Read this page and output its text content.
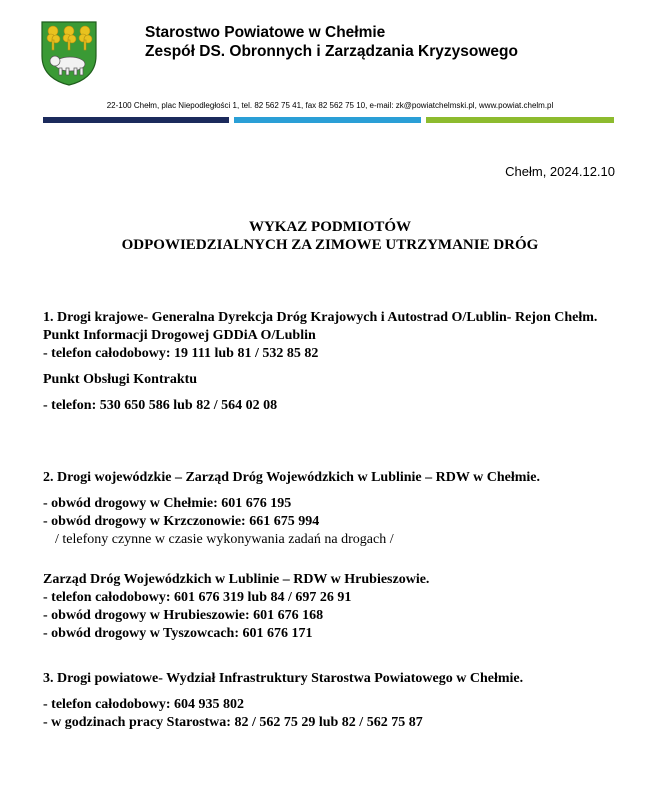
Starostwo Powiatowe w Chełmie
Zespół DS. Obronnych i Zarządzania Kryzysowego
22-100 Chełm, plac Niepodległości 1, tel. 82 562 75 41, fax 82 562 75 10, e-mail: zk@powiatchelmski.pl, www.powiat.chelm.pl
Chełm, 2024.12.10
WYKAZ PODMIOTÓW
ODPOWIEDZIALNYCH ZA ZIMOWE UTRZYMANIE DRÓG
1. Drogi krajowe- Generalna Dyrekcja Dróg Krajowych i Autostrad O/Lublin- Rejon Chełm.
Punkt Informacji Drogowej GDDiA O/Lublin
- telefon całodobowy: 19 111 lub 81 / 532 85 82
Punkt Obsługi Kontraktu
- telefon: 530 650 586 lub 82 / 564 02 08
2. Drogi wojewódzkie – Zarząd Dróg Wojewódzkich w Lublinie – RDW w Chełmie.
- obwód drogowy w Chełmie: 601 676 195
- obwód drogowy w Krzczonowie: 661 675 994
/ telefony czynne w czasie wykonywania zadań na drogach /
Zarząd Dróg Wojewódzkich w Lublinie – RDW w Hrubieszowie.
- telefon całodobowy: 601 676 319 lub 84 / 697 26 91
- obwód drogowy w Hrubieszowie: 601 676 168
- obwód drogowy w Tyszowcach: 601 676 171
3. Drogi powiatowe- Wydział Infrastruktury Starostwa Powiatowego w Chełmie.
- telefon całodobowy: 604 935 802
- w godzinach pracy Starostwa: 82 / 562 75 29 lub 82 / 562 75 87
